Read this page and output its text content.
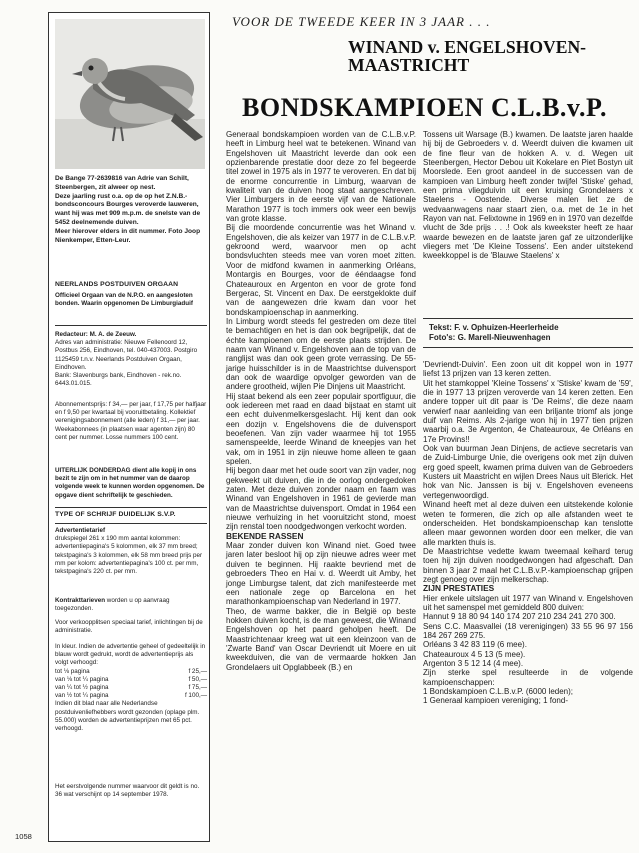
De Bange 77-2639816 van Adrie van Schilt, Steenbergen, zit alweer op nest.

Deze jaarling rust o.a. op de op het Z.N.B.-bondsconcours Bourges veroverde lauweren, want hij was met 909 m.p.m. de snelste van de 5452 deelnemende duiven.

Meer hierover elders in dit nummer. Foto Joop Nienkemper, Etten-Leur.

NEERLANDS POSTDUIVEN ORGAAN
Officieel Orgaan van de N.P.O. en aangesloten bonden. Waarin opgenomen De Limburgiaduif
Redacteur: M. A. de Zeeuw.
Adres van administratie: Nieuwe Fellenoord 12, Postbus 256, Eindhoven, tel. 040-437003. Postgiro 1125459 t.n.v. Neerlands Postduiven Orgaan, Eindhoven.
Bank: Slavenburgs bank, Eindhoven - rek.no. 6443.01.015.
Abonnementsprijs: f 34,— per jaar, f 17,75 per halfjaar en f 9,50 per kwartaal bij vooruitbetaling. Kollektief verenigingsabonnement (alle leden) f 31,— per jaar. Weekabonnees (in plaatsen waar agenten zijn) 80 cent per nummer. Losse nummers 100 cent.
UITERLIJK DONDERDAG dient alle kopij in ons bezit te zijn om in het nummer van de daarop volgende week te kunnen worden opgenomen. De opgave dient schriftelijk te geschieden.
TYPE OF SCHRIJF DUIDELIJK S.V.P.
Advertentietarief
drukspiegel 261 x 190 mm aantal kolommen: advertentiepagina's 5 kolommen, elk 37 mm breed; tekstpagina's 3 kolommen, elk 58 mm breed prijs per mm per kolom: advertentiepagina's 100 ct. per mm, tekstpagina's 220 ct. per mm.
Kontrakttarieven worden u op aanvraag toegezonden.
Voor verkoopplitsen speciaal tarief, inlichtingen bij de administratie.
In kleur. Indien de advertentie geheel of gedeeltelijk in blauw wordt gedrukt, wordt de advertentieprijs als volgt verhoogd:
tot ⅛ pagina	f 25,—
van ⅛ tot ¼ pagina	f 50,—
van ¼ tot ½ pagina	f 75,—
van ½ tot ¼ pagina	f 100,—
Indien dit blad naar alle Nederlandse postduivenliefhebbers wordt gezonden (oplage plm. 55.000) worden de advertentieprijzen met 65 pct. verhoogd.
Het eerstvolgende nummer waarvoor dit geldt is no. 36 wat verschijnt op 14 september 1978.
1058
VOOR DE TWEEDE KEER IN 3 JAAR . . .
WINAND v. ENGELSHOVEN-
MAASTRICHT
BONDSKAMPIOEN C.L.B.v.P.

Generaal bondskampioen worden van de C.L.B.v.P. heeft in Limburg heel wat te betekenen. Winand van Engelshoven uit Maastricht leverde dan ook een opzienbarende prestatie door deze zo fel begeerde titel zowel in 1975 als in 1977 te veroveren. En dat bij de enorme concurrentie in Limburg, waarvan de kwaliteit van de duiven hoog staat aangeschreven. Vier Limburgers in de eerste vijf van de Nationale Marathon 1977 is toch immers ook weer een bewijs van grote klasse.

Bij die moordende concurrentie was het Winand v. Engelshoven, die als keizer van 1977 in de C.L.B.v.P. gekroond werd, waarvoor men op acht bondsvluchten steeds mee van voren moet zitten. Voor de midfond kwamen in aanmerking Orléans, Montargis en Bourges, voor de ééndaagse fond Chateauroux en Argenton en voor de grote fond Bergerac, St. Vincent en Dax. De eerstgeklokte duif van de aangewezen drie kwam dan voor het bondskampioenschap in aanmerking.

In Limburg wordt steeds fel gestreden om deze titel te bemachtigen en het is dan ook begrijpelijk, dat de échte kampioenen om de eerste plaats strijden. De naam van Winand v. Engelshoven aan de top van de ranglijst was dan ook geen grote verrassing. De 55-jarige huisschilder is in de Maastrichtse duivensport dan ook de waardige opvolger geworden van de andere grootheid, wijlen Pie Dinjens uit Maastricht.

Hij staat bekend als een zeer populair sportfiguur, die ook iedereen met raad en daad bijstaat en stamt uit een echt duivenmelkersgeslacht. Hij kent dan ook een dozijn v. Engelshovens die de duivensport beoefenen. Van zijn vader waarmee hij tot 1955 samenspeelde, leerde Winand de kneepjes van het vak, om in 1951 in zijn nieuwe home alleen te gaan spelen.

Hij begon daar met het oude soort van zijn vader, nog gekweekt uit duiven, die in de oorlog ondergedoken zaten. Met deze duiven zonder naam en faam was Winand van Engelshoven in 1961 de gevierde man van de Maastrichtse duivensport. Omdat in 1964 een nieuwe verhuizing in het vooruitzicht stond, moest zijn renstal toen noodgedwongen verkocht worden.

BEKENDE RASSEN

Maar zonder duiven kon Winand niet. Goed twee jaren later besloot hij op zijn nieuwe adres weer met duiven te beginnen. Hij raakte bevriend met de gebroeders Theo en Hai v. d. Weerdt uit Amby, het jonge Limburgse talent, dat zich manifesteerde met een nationale zege op Barcelona en het marathonkampioenschap van Nederland in 1977.

Theo, de warme bakker, die in België op beste hokken duiven kocht, is de man geweest, die Winand Engelshoven op het paard geholpen heeft. De Maastrichtenaar kreeg wat uit een kleinzoon van de 'Zwarte Band' van Oscar Devriendt uit Moere en uit kweekduiven, die van de vermaarde hokken Jan Grondelaers uit Opglabbeek (B.) en

Tossens uit Warsage (B.) kwamen. De laatste jaren haalde hij bij de Gebroeders v. d. Weerdt duiven die kwamen uit de fine fleur van de hokken A. v. d. Wegen uit Steenbergen, Hector Debou uit Kokelare en Piet Bostyn uit Moorslede. Een groot aandeel in de successen van de kampioen van Limburg heeft zonder twijfel 'Stiske' gehad, een prima vliegduivin uit een kruising Grondelaers x Staelens - Oostende. Diverse malen liet ze de wedvaanwagens naar staart zien, o.a. met de 1e in het Rayon van nat. Felixtowne in 1969 en in 1970 van dezelfde vlucht de 3de prijs . . .! Ook als kweekster heeft ze haar waarde bewezen en de laatste jaren gaf ze uitzonderlijke vliegers met 'De Kleine Tossens'. Een ander uitstekend kweekkoppel is de 'Blauwe Staelens' x

Tekst: F. v. Ophuizen-Heerlerheide
Foto's: G. Marell-Nieuwenhagen

'Devriendt-Duivin'. Een zoon uit dit koppel won in 1977 liefst 13 prijzen van 13 keren zetten.

Uit het stamkoppel 'Kleine Tossens' x 'Stiske' kwam de '59', die in 1977 13 prijzen veroverde van 14 keren zetten. Een andere topper uit dit paar is 'De Reims', die deze naam verwierf naar aanleiding van een briljante triomf als jonge duif van Reims. Als 2-jarige won hij in 1977 tien prijzen waarbij o.a. 3e Argenton, 4e Chateauroux, 4e Orléans en 17e Provins!!

Ook van buurman Jean Dinjens, de actieve secretaris van de Zuid-Limburge Unie, die overigens ook met zijn duiven erg goed speelt, kwamen prima duiven van de Gebroeders Kusters uit Maastricht en wijlen Drees Naus uit Blerick. Het hok van Nic. Janssen is bij v. Engelshoven eveneens vertegenwoordigd.

Winand heeft met al deze duiven een uitstekende kolonie weten te formeren, die zich op alle afstanden weet te onderscheiden. Het bondskampioenschap kan tenslotte alleen maar gewonnen worden door een melker, die van alle markten thuis is.

De Maastrichtse vedette kwam tweemaal keihard terug toen hij zijn duiven noodgedwongen had afgeschaft. Dan binnen 3 jaar 2 maal het C.L.B.v.P.-kampioenschap grijpen zegt genoeg over zijn melkerschap.

ZIJN PRESTATIES

Hier enkele uitslagen uit 1977 van Winand v. Engelshoven uit het samenspel met gemiddeld 800 duiven:

Hannut 9 18 80 94 140 174 207 210 234 241 270 300.

Sens C.C. Maasvallei (18 verenigingen) 33 55 96 97 156 184 267 269 275.

Orléans 3 42 83 119 (6 mee).

Chateauroux 4 5 13 (5 mee).

Argenton 3 5 12 14 (4 mee).

Zijn sterke spel resulteerde in de volgende kampioenschappen:

1 Bondskampioen C.L.B.v.P. (6000 leden);

1 Generaal kampioen vereniging; 1 fond-
